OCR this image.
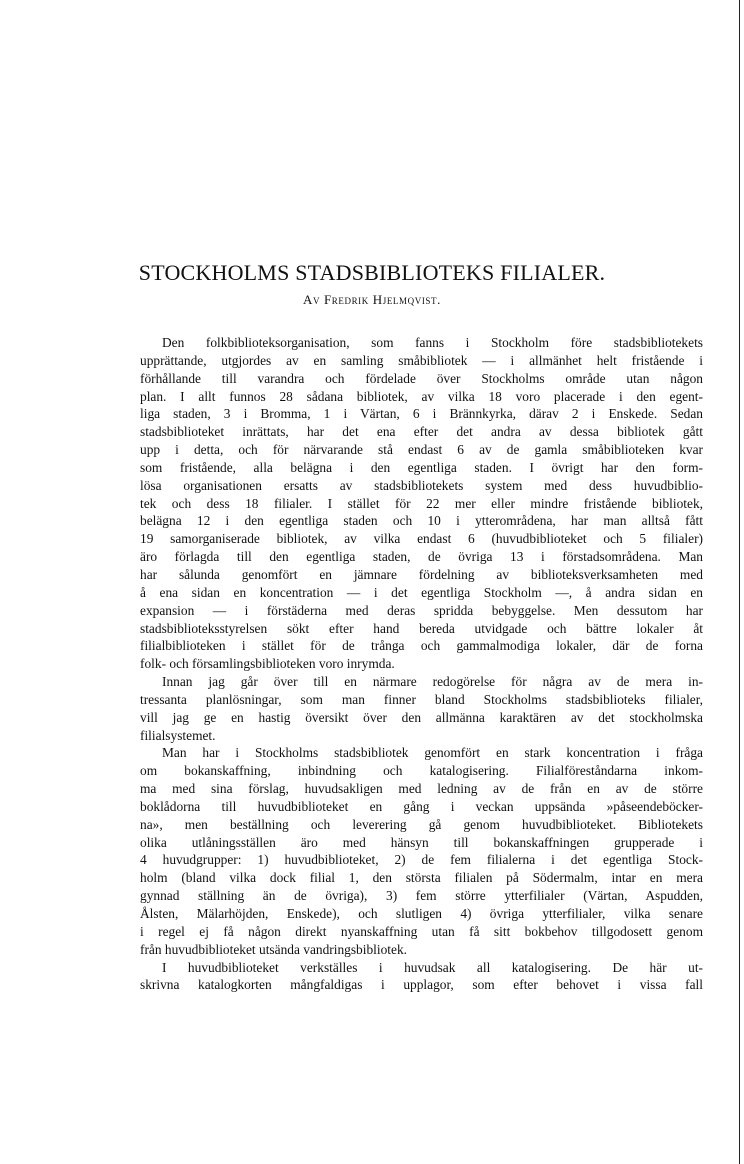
STOCKHOLMS STADSBIBLIOTEKS FILIALER.

Av Fredrik Hjelmqvist.

Den folkbiblioteksorganisation, som fanns i Stockholm före stadsbibliotekets
upprättande, utgjordes av en samling småbibliotek — i allmänhet helt fristående i
förhållande till varandra och fördelade över Stockholms område utan någon
plan. I allt funnos 28 sådana bibliotek, av vilka 18 voro placerade i den egent-
liga staden, 3 i Bromma, 1 i Värtan, 6 i Brännkyrka, därav 2 i Enskede. Sedan
stadsbiblioteket inrättats, har det ena efter det andra av dessa bibliotek gått
upp i detta, och för närvarande stå endast 6 av de gamla småbiblioteken kvar
som fristående, alla belägna i den egentliga staden. I övrigt har den form-
lösa organisationen ersatts av stadsbibliotekets system med dess huvudbiblio-
tek och dess 18 filialer. I stället för 22 mer eller mindre fristående bibliotek,
belägna 12 i den egentliga staden och 10 i ytterområdena, har man alltså fått
19 samorganiserade bibliotek, av vilka endast 6 (huvudbiblioteket och 5 filialer)
äro förlagda till den egentliga staden, de övriga 13 i förstadsområdena. Man
har sålunda genomfört en jämnare fördelning av biblioteksverksamheten med
å ena sidan en koncentration — i det egentliga Stockholm —, å andra sidan en
expansion — i förstäderna med deras spridda bebyggelse. Men dessutom har
stadsbiblioteksstyrelsen sökt efter hand bereda utvidgade och bättre lokaler åt
filialbiblioteken i stället för de trånga och gammalmodiga lokaler, där de forna
folk- och församlingsbiblioteken voro inrymda.
Innan jag går över till en närmare redogörelse för några av de mera in-
tressanta planlösningar, som man finner bland Stockholms stadsbiblioteks filialer,
vill jag ge en hastig översikt över den allmänna karaktären av det stockholmska
filialsystemet.
Man har i Stockholms stadsbibliotek genomfört en stark koncentration i fråga
om bokanskaffning, inbindning och katalogisering. Filialföreståndarna inkom-
ma med sina förslag, huvudsakligen med ledning av de från en av de större
boklådorna till huvudbiblioteket en gång i veckan uppsända »påseendeböcker-
na», men beställning och leverering gå genom huvudbiblioteket. Bibliotekets
olika utlåningsställen äro med hänsyn till bokanskaffningen grupperade i
4 huvudgrupper: 1) huvudbiblioteket, 2) de fem filialerna i det egentliga Stock-
holm (bland vilka dock filial 1, den största filialen på Södermalm, intar en mera
gynnad ställning än de övriga), 3) fem större ytterfilialer (Värtan, Aspudden,
Ålsten, Mälarhöjden, Enskede), och slutligen 4) övriga ytterfilialer, vilka senare
i regel ej få någon direkt nyanskaffning utan få sitt bokbehov tillgodosett genom
från huvudbiblioteket utsända vandringsbibliotek.
I huvudbiblioteket verkställes i huvudsak all katalogisering. De här ut-
skrivna katalogkorten mångfaldigas i upplagor, som efter behovet i vissa fall
